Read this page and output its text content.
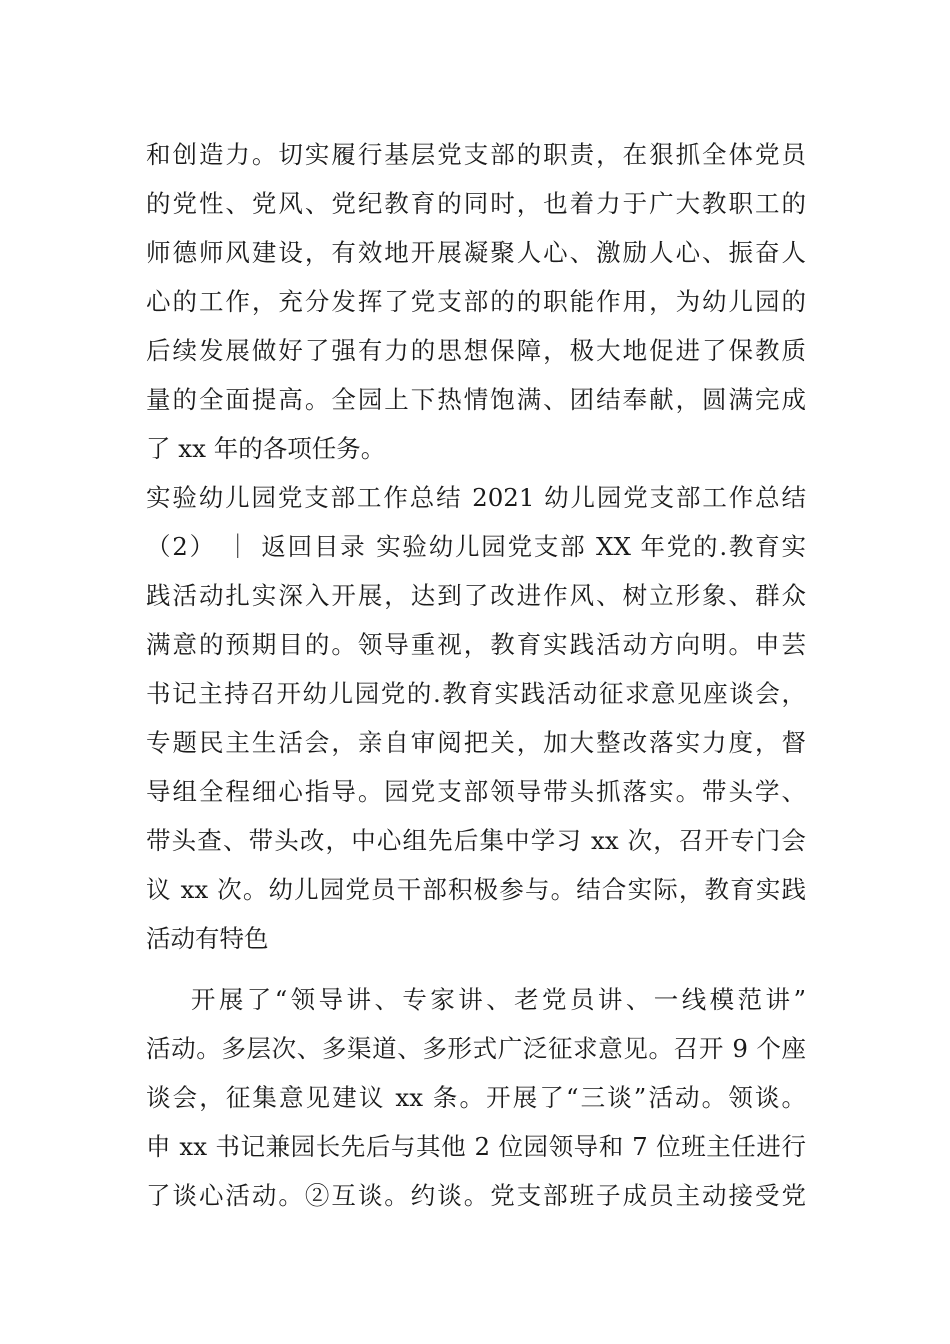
和创造力。切实履行基层党支部的职责，在狠抓全体党员
的党性、党风、党纪教育的同时，也着力于广大教职工的
师德师风建设，有效地开展凝聚人心、激励人心、振奋人
心的工作，充分发挥了党支部的的职能作用，为幼儿园的
后续发展做好了强有力的思想保障，极大地促进了保教质
量的全面提高。全园上下热情饱满、团结奉献，圆满完成
了 xx 年的各项任务。
实验幼儿园党支部工作总结 2021 幼儿园党支部工作总结
（2） ｜ 返回目录 实验幼儿园党支部 XX 年党的.教育实
践活动扎实深入开展，达到了改进作风、树立形象、群众
满意的预期目的。领导重视，教育实践活动方向明。申芸
书记主持召开幼儿园党的.教育实践活动征求意见座谈会，
专题民主生活会，亲自审阅把关，加大整改落实力度，督
导组全程细心指导。园党支部领导带头抓落实。带头学、
带头查、带头改，中心组先后集中学习 xx 次，召开专门会
议 xx 次。幼儿园党员干部积极参与。结合实际，教育实践
活动有特色
开展了“领导讲、专家讲、老党员讲、一线模范讲”
活动。多层次、多渠道、多形式广泛征求意见。召开 9 个座
谈会，征集意见建议 xx 条。开展了“三谈”活动。领谈。
申 xx 书记兼园长先后与其他 2 位园领导和 7 位班主任进行
了谈心活动。②互谈。约谈。党支部班子成员主动接受党
